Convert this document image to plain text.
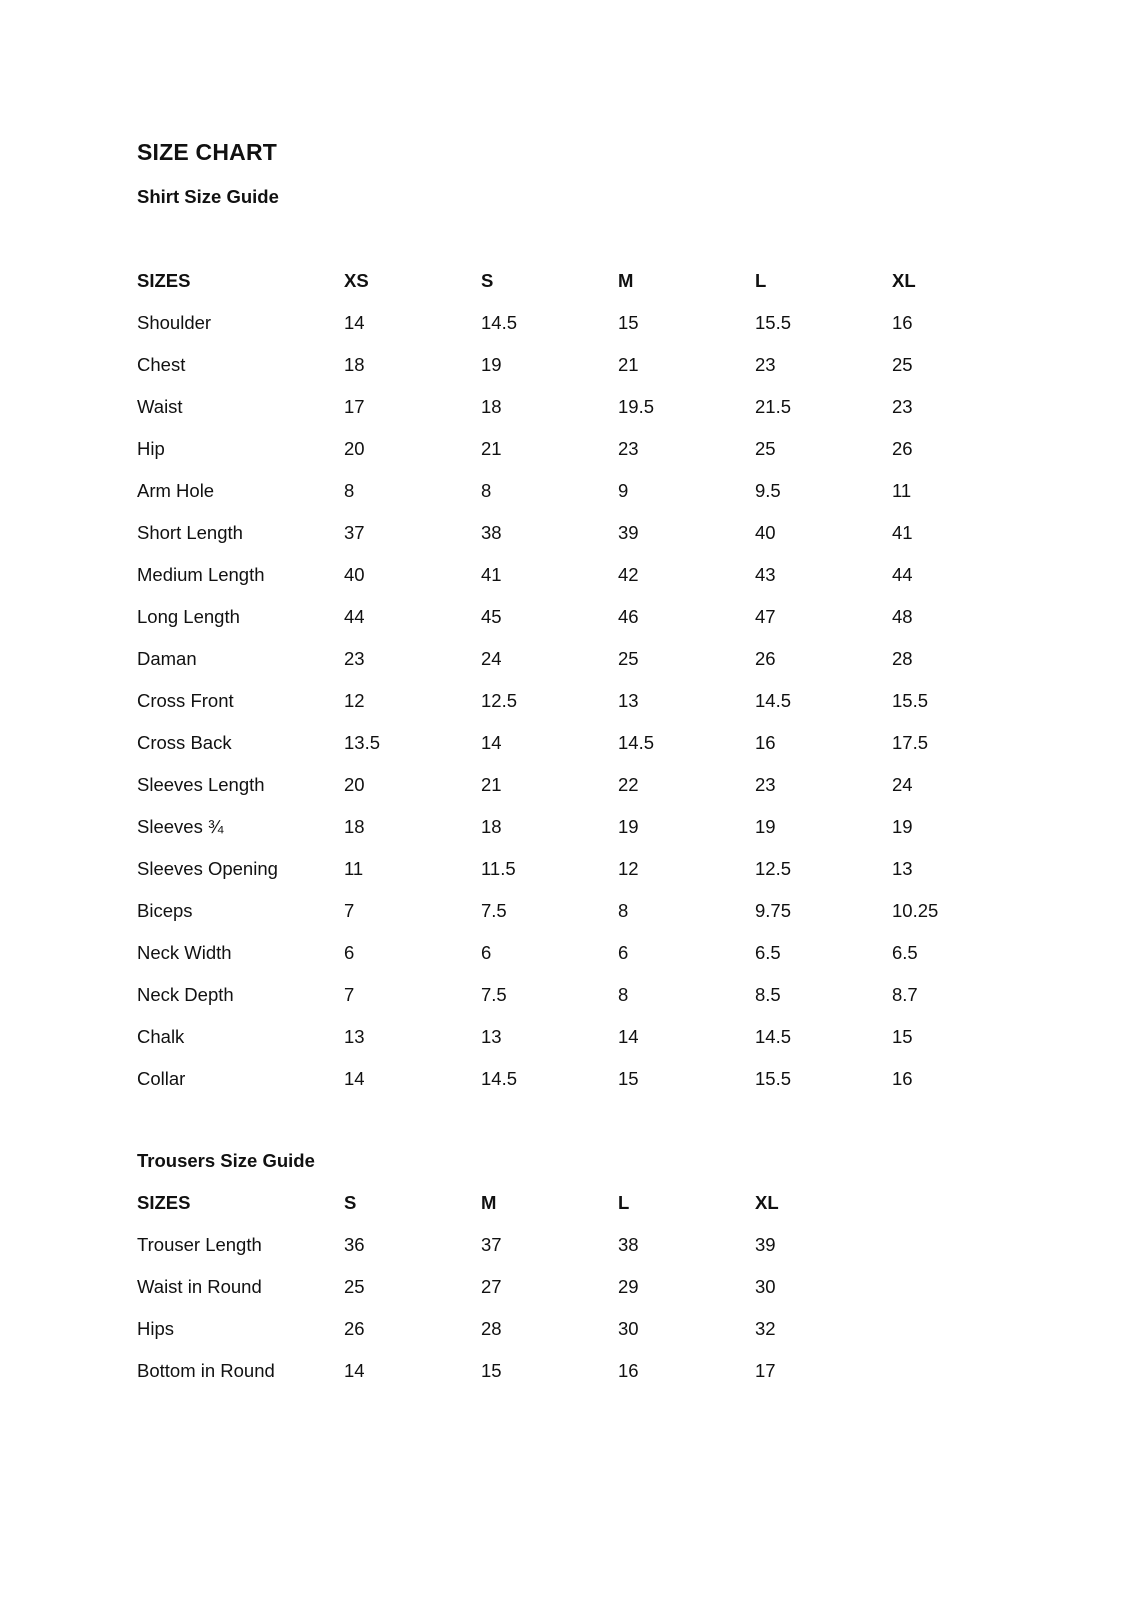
SIZE CHART
Shirt Size Guide
SIZES	XS	S	M	L	XL
Shoulder	14	14.5	15	15.5	16
Chest	18	19	21	23	25
Waist	17	18	19.5	21.5	23
Hip	20	21	23	25	26
Arm Hole	8	8	9	9.5	11
Short Length	37	38	39	40	41
Medium Length	40	41	42	43	44
Long Length	44	45	46	47	48
Daman	23	24	25	26	28
Cross Front	12	12.5	13	14.5	15.5
Cross Back	13.5	14	14.5	16	17.5
Sleeves Length	20	21	22	23	24
Sleeves ¾	18	18	19	19	19
Sleeves Opening	11	11.5	12	12.5	13
Biceps	7	7.5	8	9.75	10.25
Neck Width	6	6	6	6.5	6.5
Neck Depth	7	7.5	8	8.5	8.7
Chalk	13	13	14	14.5	15
Collar	14	14.5	15	15.5	16
Trousers Size Guide
SIZES	S	M	L	XL
Trouser Length	36	37	38	39
Waist in Round	25	27	29	30
Hips	26	28	30	32
Bottom in Round	14	15	16	17
